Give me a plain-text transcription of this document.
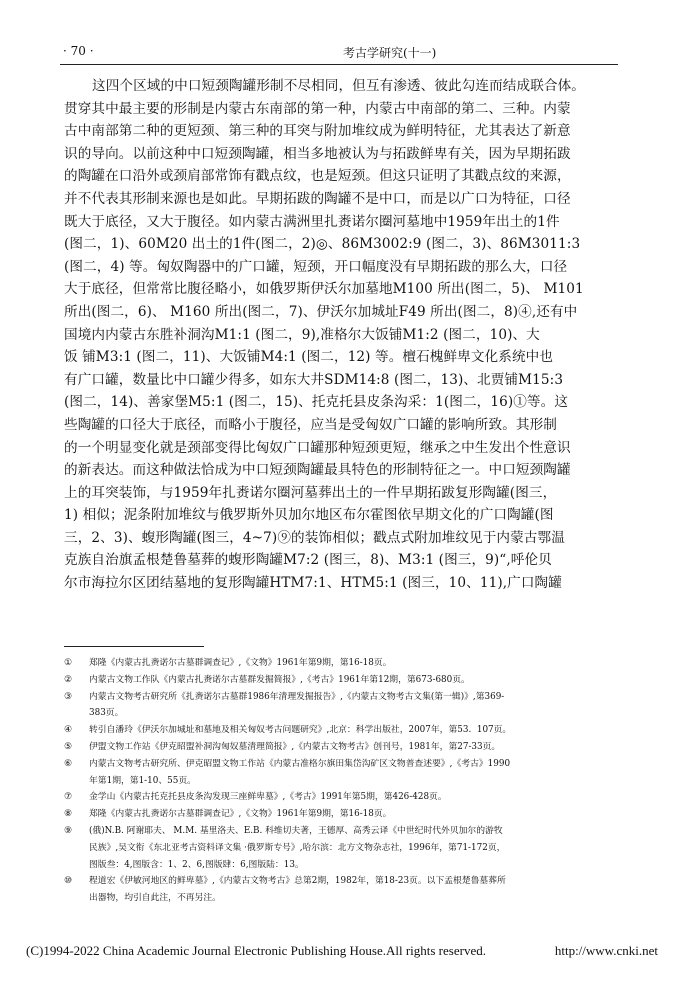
· 70 ·	考古学研究(十一)
这四个区域的中口短颈陶罐形制不尽相同，但互有渗透、彼此勾连而结成联合体。
贯穿其中最主要的形制是内蒙古东南部的第一种，内蒙古中南部的第二、三种。内蒙
古中南部第二种的更短颈、第三种的耳突与附加堆纹成为鲜明特征，尤其表达了新意
识的导向。以前这种中口短颈陶罐，相当多地被认为与拓跋鲜卑有关，因为早期拓跋
的陶罐在口沿外或颈肩部常饰有戳点纹，也是短颈。但这只证明了其戳点纹的来源，
并不代表其形制来源也是如此。早期拓跋的陶罐不是中口，而是以广口为特征，口径
既大于底径，又大于腹径。如内蒙古满洲里扎赉诺尔圈河墓地中1959年出土的1件
(图二，1)、60M20 出土的1件(图二，2)◎、86M3002:9 (图二，3)、86M3011:3
(图二，4) 等。匈奴陶器中的广口罐，短颈，开口幅度没有早期拓跋的那么大，口径
大于底径，但常常比腹径略小，如俄罗斯伊沃尔加墓地M100 所出(图二，5)、 M101
所出(图二，6)、 M160 所出(图二，7)、伊沃尔加城址F49 所出(图二，8)④,还有中
国境内内蒙古东胜补洞沟M1:1 (图二，9),准格尔大饭铺M1:2 (图二，10)、大
饭 铺M3:1 (图二，11)、大饭铺M4:1 (图二，12) 等。檀石槐鲜卑文化系统中也
有广口罐，数量比中口罐少得多，如东大井SDM14:8 (图二，13)、北贾铺M15:3
(图二，14)、善家堡M5:1 (图二，15)、托克托县皮条沟采：1(图二，16)①等。这
些陶罐的口径大于底径，而略小于腹径，应当是受匈奴广口罐的影响所致。其形制
的一个明显变化就是颈部变得比匈奴广口罐那种短颈更短，继承之中生发出个性意识
的新表达。而这种做法恰成为中口短颈陶罐最具特色的形制特征之一。中口短颈陶罐
上的耳突装饰，与1959年扎赉诺尔圈河墓葬出土的一件早期拓跋复形陶罐(图三，
1) 相似；泥条附加堆纹与俄罗斯外贝加尔地区布尔霍图依早期文化的广口陶罐(图
三，2、3)、蝮形陶罐(图三，4~7)⑨的装饰相似；戳点式附加堆纹见于内蒙古鄂温
克族自治旗孟根楚鲁墓葬的蝮形陶罐M7:2 (图三，8)、M3:1 (图三，9)“,呼伦贝
尔市海拉尔区团结墓地的复形陶罐HTM7:1、HTM5:1 (图三，10、11),广口陶罐
① 郑隆《内蒙古扎赉诺尔古墓群调查记》,《文物》1961年第9期，第16-18页。
② 内蒙古文物工作队《内蒙古扎赉诺尔古墓群发掘简报》,《考古》1961年第12期，第673-680页。
③ 内蒙古文物考古研究所《扎赉诺尔古墓群1986年清理发掘报告》,《内蒙古文物考古文集(第一辑)》,第369-
383页。
④ 转引自潘玲《伊沃尔加城址和墓地及相关匈奴考古问题研究》,北京：科学出版社，2007年，第53.  107页。
⑤ 伊盟文物工作站《伊克昭盟补洞沟匈奴墓清理简报》,《内蒙古文物考古》创刊号，1981年，第27-33页。
⑥ 内蒙古文物考古研究所、伊克昭盟文物工作站《内蒙古准格尔旗田集岱沟矿区文物普查述要》,《考古》1990
年第1期，第1-10、55页。
⑦ 金学山《内蒙古托克托县皮条沟发现三座鲜卑墓》,《考古》1991年第5期，第426-428页。
⑧ 郑隆《内蒙古扎赉诺尔古墓群调查记》,《文物》1961年第9期，第16-18页。
⑨ (俄)N.B. 阿谢耶夫、 M.M. 基里洛夫、E.B. 科维切夫著，王德厚、高秀云译《中世纪时代外贝加尔的游牧
民族》,吴文衔《东北亚考古资料译文集 ·俄罗斯专号》,哈尔滨：北方文物杂志社，1996年，第71-172页，
图版叁：4,图版含：1、2、6,图版肆：6,图版陆：13。
⑩ 程道宏《伊敏河地区的鲜卑墓》,《内蒙古文物考古》总第2期，1982年，第18-23页。以下孟根楚鲁墓葬所
出器物，均引自此注，不再另注。
(C)1994-2022 China Academic Journal Electronic Publishing House.All rights reserved.	http://www.cnki.net
